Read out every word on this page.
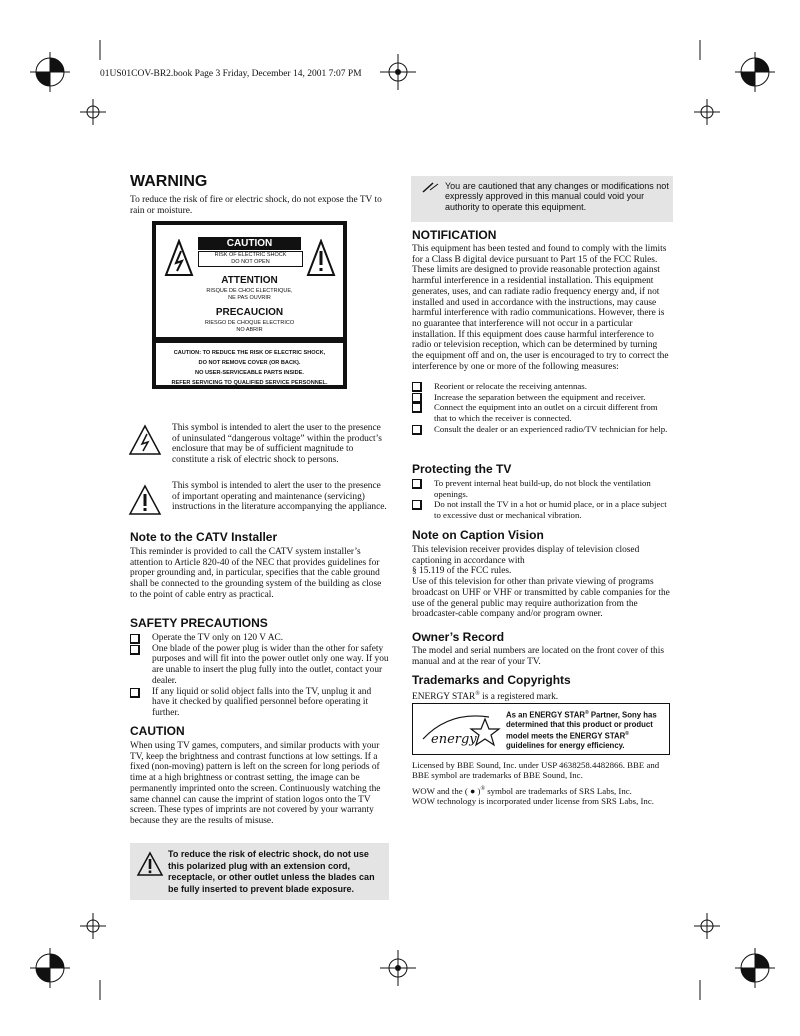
01US01COV-BR2.book Page 3 Friday, December 14, 2001 7:07 PM
WARNING
To reduce the risk of fire or electric shock, do not expose the TV to rain or moisture.
CAUTION
RISK OF ELECTRIC SHOCK
DO NOT OPEN
ATTENTION
RISQUE DE CHOC ELECTRIQUE,
NE PAS OUVRIR
PRECAUCION
RIESGO DE CHOQUE ELECTRICO
NO ABRIR
CAUTION: TO REDUCE THE RISK OF ELECTRIC SHOCK,
DO NOT REMOVE COVER (OR BACK).
NO USER-SERVICEABLE PARTS INSIDE.
REFER SERVICING TO QUALIFIED SERVICE PERSONNEL.
This symbol is intended to alert the user to the presence of uninsulated “dangerous voltage” within the product’s enclosure that may be of sufficient magnitude to constitute a risk of electric shock to persons.
This symbol is intended to alert the user to the presence of important operating and maintenance (servicing) instructions in the literature accompanying the appliance.
Note to the CATV Installer
This reminder is provided to call the CATV system installer’s attention to Article 820-40 of the NEC that provides guidelines for proper grounding and, in particular, specifies that the cable ground shall be connected to the grounding system of the building as close to the point of cable entry as practical.
SAFETY PRECAUTIONS
Operate the TV only on 120 V AC.
One blade of the power plug is wider than the other for safety purposes and will fit into the power outlet only one way. If you are unable to insert the plug fully into the outlet, contact your dealer.
If any liquid or solid object falls into the TV, unplug it and have it checked by qualified personnel before operating it further.
CAUTION
When using TV games, computers, and similar products with your TV, keep the brightness and contrast functions at low settings. If a fixed (non-moving) pattern is left on the screen for long periods of time at a high brightness or contrast setting, the image can be permanently imprinted onto the screen. Continuously watching the same channel can cause the imprint of station logos onto the TV screen. These types of imprints are not covered by your warranty because they are the results of misuse.
To reduce the risk of electric shock, do not use this polarized plug with an extension cord, receptacle, or other outlet unless the blades can be fully inserted to prevent blade exposure.
You are cautioned that any changes or modifications not expressly approved in this manual could void your authority to operate this equipment.
NOTIFICATION
This equipment has been tested and found to comply with the limits for a Class B digital device pursuant to Part 15 of the FCC Rules. These limits are designed to provide reasonable protection against harmful interference in a residential installation. This equipment generates, uses, and can radiate radio frequency energy and, if not installed and used in accordance with the instructions, may cause harmful interference with radio communications. However, there is no guarantee that interference will not occur in a particular installation. If this equipment does cause harmful interference to radio or television reception, which can be determined by turning the equipment off and on, the user is encouraged to try to correct the interference by one or more of the following measures:
Reorient or relocate the receiving antennas.
Increase the separation between the equipment and receiver.
Connect the equipment into an outlet on a circuit different from that to which the receiver is connected.
Consult the dealer or an experienced radio/TV technician for help.
Protecting the TV
To prevent internal heat build-up, do not block the ventilation openings.
Do not install the TV in a hot or humid place, or in a place subject to excessive dust or mechanical vibration.
Note on Caption Vision
This television receiver provides display of television closed captioning in accordance with
§ 15.119 of the FCC rules.
Use of this television for other than private viewing of programs broadcast on UHF or VHF or transmitted by cable companies for the use of the general public may require authorization from the broadcaster-cable company and/or program owner.
Owner’s Record
The model and serial numbers are located on the front cover of this manual and at the rear of your TV.
Trademarks and Copyrights
ENERGY STAR® is a registered mark.
energy
As an ENERGY STAR® Partner, Sony has determined that this product or product model meets the ENERGY STAR® guidelines for energy efficiency.
Licensed by BBE Sound, Inc. under USP 4638258.4482866. BBE and BBE symbol are trademarks of BBE Sound, Inc.
WOW and the ( ● )® symbol are trademarks of SRS Labs, Inc.
WOW technology is incorporated under license from SRS Labs, Inc.
